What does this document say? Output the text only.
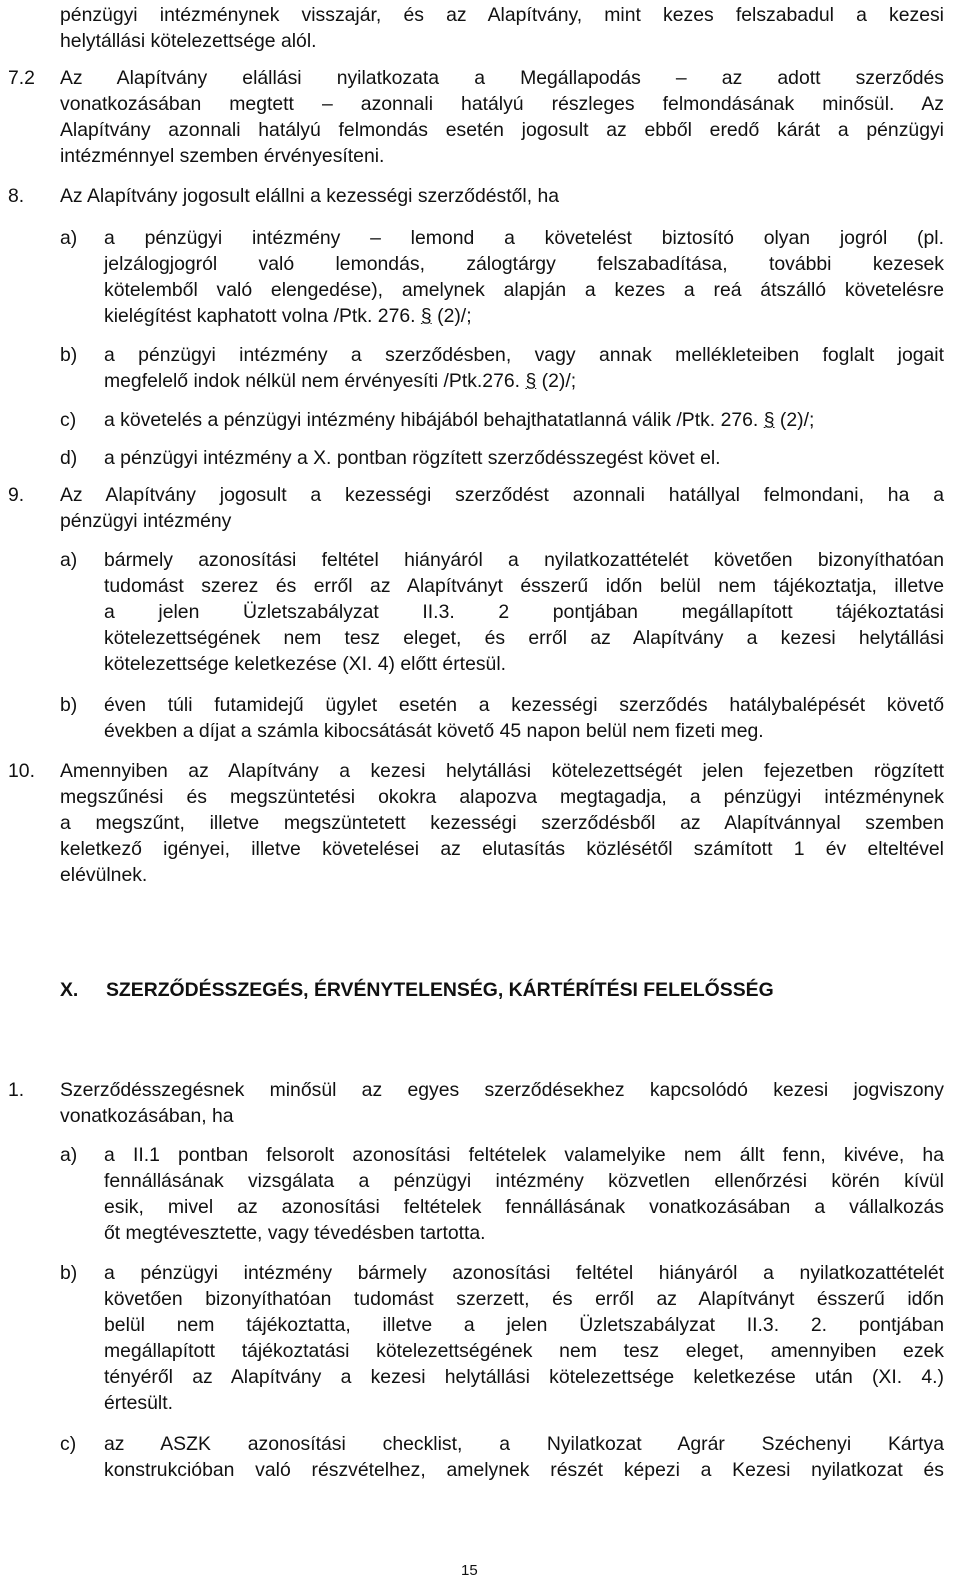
pénzügyi intézménynek visszajár, és az Alapítvány, mint kezes felszabadul a kezesi
helytállási kötelezettsége alól.
7.2 Az Alapítvány elállási nyilatkozata a Megállapodás – az adott szerződés
vonatkozásában megtett – azonnali hatályú részleges felmondásának minősül. Az
Alapítvány azonnali hatályú felmondás esetén jogosult az ebből eredő kárát a pénzügyi
intézménnyel szemben érvényesíteni.
8. Az Alapítvány jogosult elállni a kezességi szerződéstől, ha
a) a pénzügyi intézmény – lemond a követelést biztosító olyan jogról (pl.
jelzálogjogról való lemondás, zálogtárgy felszabadítása, további kezesek
kötelemből való elengedése), amelynek alapján a kezes a reá átszálló követelésre
kielégítést kaphatott volna /Ptk. 276. § (2)/;
b) a pénzügyi intézmény a szerződésben, vagy annak mellékleteiben foglalt jogait
megfelelő indok nélkül nem érvényesíti /Ptk.276. § (2)/;
c) a követelés a pénzügyi intézmény hibájából behajthatatlanná válik /Ptk. 276. § (2)/;
d) a pénzügyi intézmény a X. pontban rögzített szerződésszegést követ el.
9. Az Alapítvány jogosult a kezességi szerződést azonnali hatállyal felmondani, ha a
pénzügyi intézmény
a) bármely azonosítási feltétel hiányáról a nyilatkozattételét követően bizonyíthatóan
tudomást szerez és erről az Alapítványt ésszerű időn belül nem tájékoztatja, illetve
a jelen Üzletszabályzat II.3. 2 pontjában megállapított tájékoztatási
kötelezettségének nem tesz eleget, és erről az Alapítvány a kezesi helytállási
kötelezettsége keletkezése (XI. 4) előtt értesül.
b) éven túli futamidejű ügylet esetén a kezességi szerződés hatálybalépését követő
években a díjat a számla kibocsátását követő 45 napon belül nem fizeti meg.
10. Amennyiben az Alapítvány a kezesi helytállási kötelezettségét jelen fejezetben rögzített
megszűnési és megszüntetési okokra alapozva megtagadja, a pénzügyi intézménynek
a megszűnt, illetve megszüntetett kezességi szerződésből az Alapítvánnyal szemben
keletkező igényei, illetve követelései az elutasítás közlésétől számított 1 év elteltével
elévülnek.
X. SZERZŐDÉSSZEGÉS, ÉRVÉNYTELENSÉG, KÁRTÉRÍTÉSI FELELŐSSÉG
1. Szerződésszegésnek minősül az egyes szerződésekhez kapcsolódó kezesi jogviszony
vonatkozásában, ha
a) a II.1 pontban felsorolt azonosítási feltételek valamelyike nem állt fenn, kivéve, ha
fennállásának vizsgálata a pénzügyi intézmény közvetlen ellenőrzési körén kívül
esik, mivel az azonosítási feltételek fennállásának vonatkozásában a vállalkozás
őt megtévesztette, vagy tévedésben tartotta.
b) a pénzügyi intézmény bármely azonosítási feltétel hiányáról a nyilatkozattételét
követően bizonyíthatóan tudomást szerzett, és erről az Alapítványt ésszerű időn
belül nem tájékoztatta, illetve a jelen Üzletszabályzat II.3. 2. pontjában
megállapított tájékoztatási kötelezettségének nem tesz eleget, amennyiben ezek
tényéről az Alapítvány a kezesi helytállási kötelezettsége keletkezése után (XI. 4.)
értesült.
c) az ASZK azonosítási checklist, a Nyilatkozat Agrár Széchenyi Kártya
konstrukcióban való részvételhez, amelynek részét képezi a Kezesi nyilatkozat és
15
